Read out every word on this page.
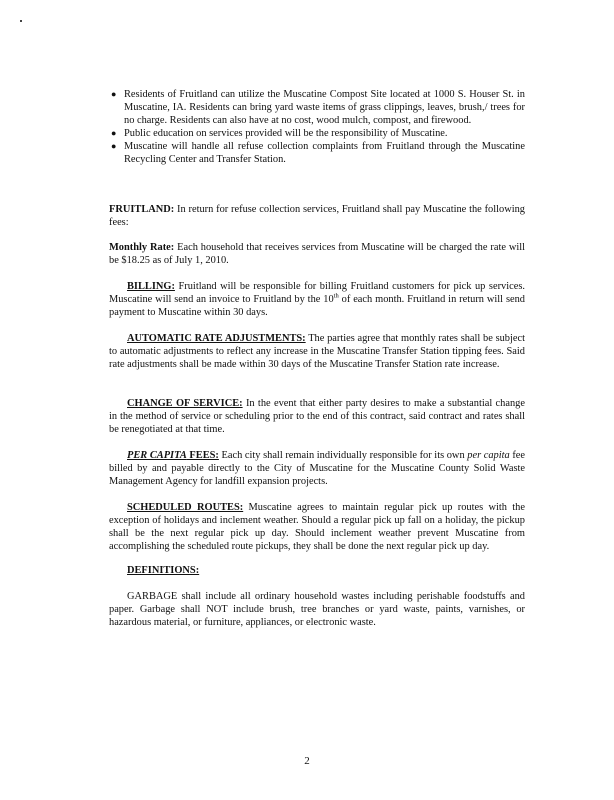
● Residents of Fruitland can utilize the Muscatine Compost Site located at 1000 S. Houser St. in Muscatine, IA. Residents can bring yard waste items of grass clippings, leaves, brush,/ trees for no charge. Residents can also have at no cost, wood mulch, compost, and firewood.
● Public education on services provided will be the responsibility of Muscatine.
● Muscatine will handle all refuse collection complaints from Fruitland through the Muscatine Recycling Center and Transfer Station.
FRUITLAND: In return for refuse collection services, Fruitland shall pay Muscatine the following fees:
Monthly Rate: Each household that receives services from Muscatine will be charged the rate will be $18.25 as of July 1, 2010.
BILLING: Fruitland will be responsible for billing Fruitland customers for pick up services. Muscatine will send an invoice to Fruitland by the 10th of each month. Fruitland in return will send payment to Muscatine within 30 days.
AUTOMATIC RATE ADJUSTMENTS: The parties agree that monthly rates shall be subject to automatic adjustments to reflect any increase in the Muscatine Transfer Station tipping fees. Said rate adjustments shall be made within 30 days of the Muscatine Transfer Station rate increase.
CHANGE OF SERVICE: In the event that either party desires to make a substantial change in the method of service or scheduling prior to the end of this contract, said contract and rates shall be renegotiated at that time.
PER CAPITA FEES: Each city shall remain individually responsible for its own per capita fee billed by and payable directly to the City of Muscatine for the Muscatine County Solid Waste Management Agency for landfill expansion projects.
SCHEDULED ROUTES: Muscatine agrees to maintain regular pick up routes with the exception of holidays and inclement weather. Should a regular pick up fall on a holiday, the pickup shall be the next regular pick up day. Should inclement weather prevent Muscatine from accomplishing the scheduled route pickups, they shall be done the next regular pick up day.
DEFINITIONS:
GARBAGE shall include all ordinary household wastes including perishable foodstuffs and paper. Garbage shall NOT include brush, tree branches or yard waste, paints, varnishes, or hazardous material, or furniture, appliances, or electronic waste.
2
